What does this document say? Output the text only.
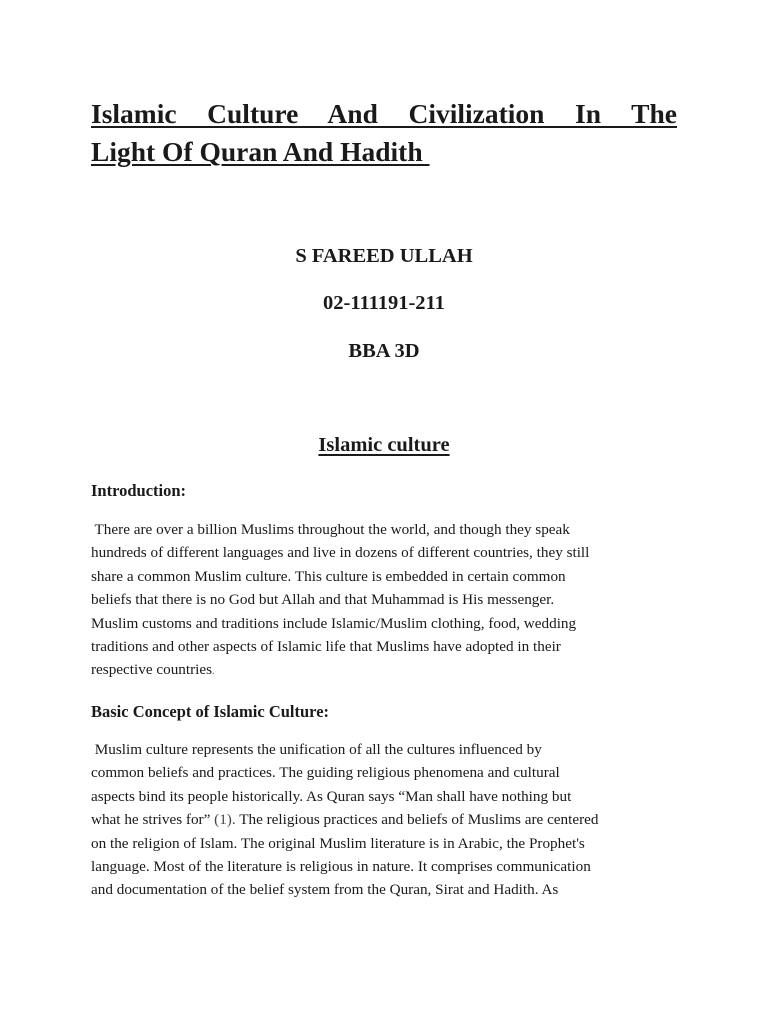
Islamic Culture And Civilization In The
Light Of Quran And Hadith

S FAREED ULLAH

02-111191-211

BBA 3D

Islamic culture
Introduction:
There are over a billion Muslims throughout the world, and though they speak
hundreds of different languages and live in dozens of different countries, they still
share a common Muslim culture. This culture is embedded in certain common
beliefs that there is no God but Allah and that Muhammad is His messenger.
Muslim customs and traditions include Islamic/Muslim clothing, food, wedding
traditions and other aspects of Islamic life that Muslims have adopted in their
respective countries.
Basic Concept of Islamic Culture:
Muslim culture represents the unification of all the cultures influenced by
common beliefs and practices. The guiding religious phenomena and cultural
aspects bind its people historically. As Quran says “Man shall have nothing but
what he strives for” (1). The religious practices and beliefs of Muslims are centered
on the religion of Islam. The original Muslim literature is in Arabic, the Prophet's
language. Most of the literature is religious in nature. It comprises communication
and documentation of the belief system from the Quran, Sirat and Hadith. As
